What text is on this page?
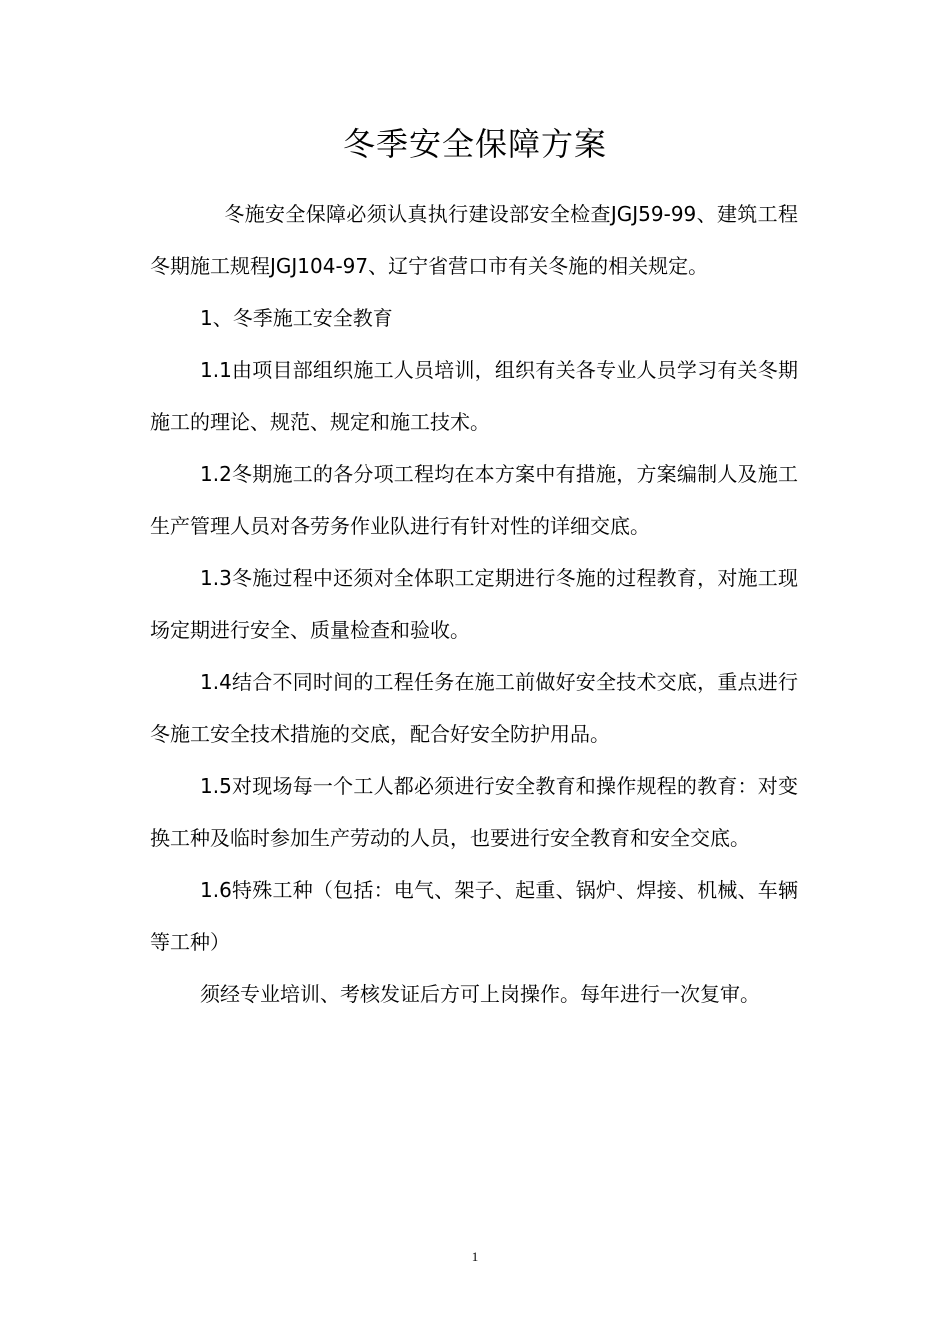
冬季安全保障方案

冬施安全保障必须认真执行建设部安全检查JGJ59-99、建筑工程冬期施工规程JGJ104-97、辽宁省营口市有关冬施的相关规定。

1、冬季施工安全教育

1.1由项目部组织施工人员培训，组织有关各专业人员学习有关冬期施工的理论、规范、规定和施工技术。

1.2冬期施工的各分项工程均在本方案中有措施，方案编制人及施工生产管理人员对各劳务作业队进行有针对性的详细交底。

1.3冬施过程中还须对全体职工定期进行冬施的过程教育，对施工现场定期进行安全、质量检查和验收。

1.4结合不同时间的工程任务在施工前做好安全技术交底，重点进行冬施工安全技术措施的交底，配合好安全防护用品。

1.5对现场每一个工人都必须进行安全教育和操作规程的教育：对变换工种及临时参加生产劳动的人员，也要进行安全教育和安全交底。

1.6特殊工种（包括：电气、架子、起重、锅炉、焊接、机械、车辆等工种）

须经专业培训、考核发证后方可上岗操作。每年进行一次复审。

1
